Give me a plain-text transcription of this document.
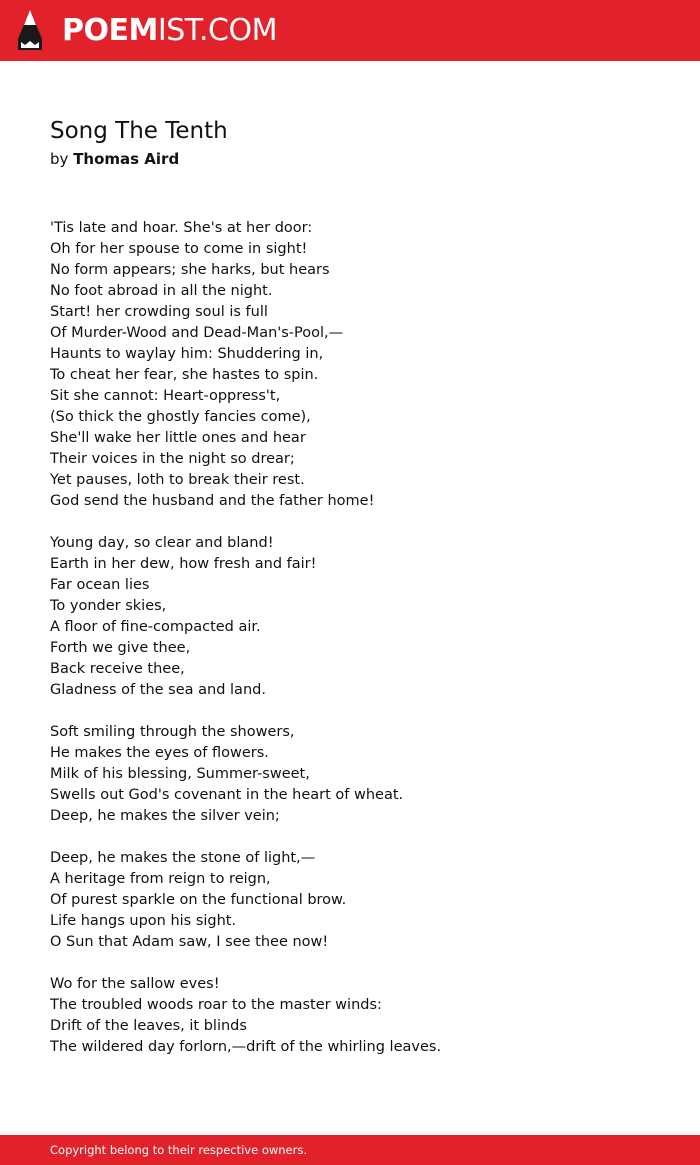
POEMIST.COM
Song The Tenth
by Thomas Aird
'Tis late and hoar. She's at her door:
Oh for her spouse to come in sight!
No form appears; she harks, but hears
No foot abroad in all the night.
Start! her crowding soul is full
Of Murder-Wood and Dead-Man's-Pool,—
Haunts to waylay him: Shuddering in,
To cheat her fear, she hastes to spin.
Sit she cannot: Heart-oppress't,
(So thick the ghostly fancies come),
She'll wake her little ones and hear
Their voices in the night so drear;
Yet pauses, loth to break their rest.
God send the husband and the father home!
Young day, so clear and bland!
Earth in her dew, how fresh and fair!
Far ocean lies
To yonder skies,
A floor of fine-compacted air.
Forth we give thee,
Back receive thee,
Gladness of the sea and land.
Soft smiling through the showers,
He makes the eyes of flowers.
Milk of his blessing, Summer-sweet,
Swells out God's covenant in the heart of wheat.
Deep, he makes the silver vein;
Deep, he makes the stone of light,—
A heritage from reign to reign,
Of purest sparkle on the functional brow.
Life hangs upon his sight.
O Sun that Adam saw, I see thee now!
Wo for the sallow eves!
The troubled woods roar to the master winds:
Drift of the leaves, it blinds
The wildered day forlorn,—drift of the whirling leaves.
Copyright belong to their respective owners.
